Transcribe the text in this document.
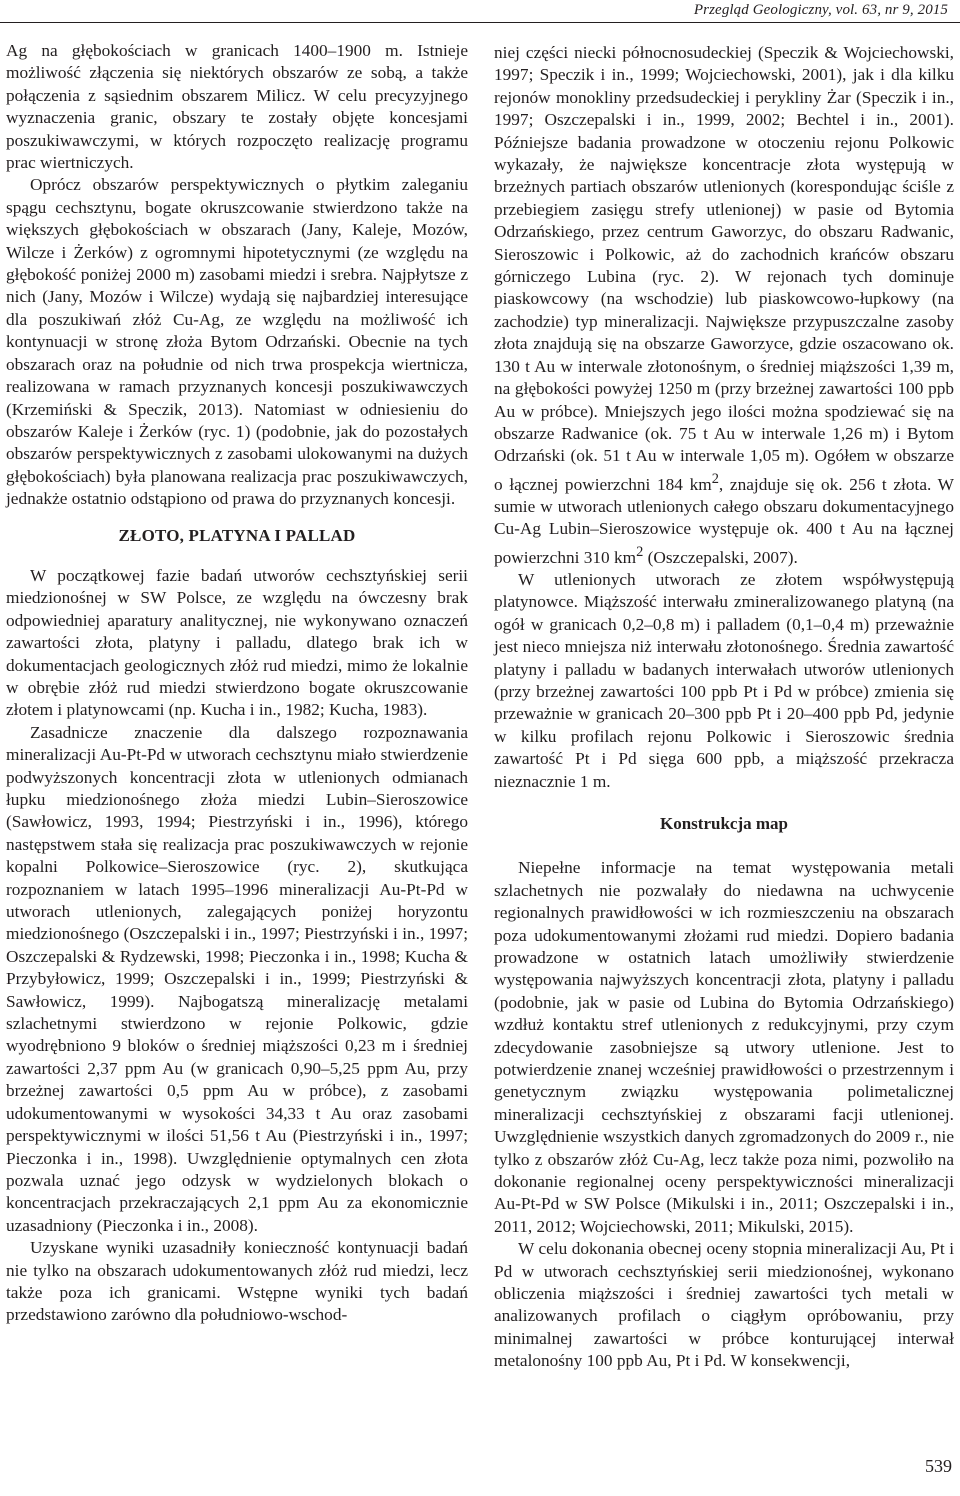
Przegląd Geologiczny, vol. 63, nr 9, 2015

Ag na głębokościach w granicach 1400–1900 m. Istnieje możliwość złączenia się niektórych obszarów ze sobą, a także połączenia z sąsiednim obszarem Milicz. W celu precyzyjnego wyznaczenia granic, obszary te zostały objęte koncesjami poszukiwawczymi, w których rozpoczęto realizację programu prac wiertniczych.

Oprócz obszarów perspektywicznych o płytkim zaleganiu spągu cechsztynu, bogate okruszcowanie stwierdzono także na większych głębokościach w obszarach (Jany, Kaleje, Mozów, Wilcze i Żerków) z ogromnymi hipotetycznymi (ze względu na głębokość poniżej 2000 m) zasobami miedzi i srebra. Najpłytsze z nich (Jany, Mozów i Wilcze) wydają się najbardziej interesujące dla poszukiwań złóż Cu-Ag, ze względu na możliwość ich kontynuacji w stronę złoża Bytom Odrzański. Obecnie na tych obszarach oraz na południe od nich trwa prospekcja wiertnicza, realizowana w ramach przyznanych koncesji poszukiwawczych (Krzemiński & Speczik, 2013). Natomiast w odniesieniu do obszarów Kaleje i Żerków (ryc. 1) (podobnie, jak do pozostałych obszarów perspektywicznych z zasobami ulokowanymi na dużych głębokościach) była planowana realizacja prac poszukiwawczych, jednakże ostatnio odstąpiono od prawa do przyznanych koncesji.

ZŁOTO, PLATYNA I PALLAD

W początkowej fazie badań utworów cechsztyńskiej serii miedzionośnej w SW Polsce, ze względu na ówczesny brak odpowiedniej aparatury analitycznej, nie wykonywano oznaczeń zawartości złota, platyny i palladu, dlatego brak ich w dokumentacjach geologicznych złóż rud miedzi, mimo że lokalnie w obrębie złóż rud miedzi stwierdzono bogate okruszcowanie złotem i platynowcami (np. Kucha i in., 1982; Kucha, 1983).

Zasadnicze znaczenie dla dalszego rozpoznawania mineralizacji Au-Pt-Pd w utworach cechsztynu miało stwierdzenie podwyższonych koncentracji złota w utlenionych odmianach łupku miedzionośnego złoża miedzi Lubin–Sieroszowice (Sawłowicz, 1993, 1994; Piestrzyński i in., 1996), którego następstwem stała się realizacja prac poszukiwawczych w rejonie kopalni Polkowice–Sieroszowice (ryc. 2), skutkująca rozpoznaniem w latach 1995–1996 mineralizacji Au-Pt-Pd w utworach utlenionych, zalegających poniżej horyzontu miedzionośnego (Oszczepalski i in., 1997; Piestrzyński i in., 1997; Oszczepalski & Rydzewski, 1998; Pieczonka i in., 1998; Kucha & Przybyłowicz, 1999; Oszczepalski i in., 1999; Piestrzyński & Sawłowicz, 1999). Najbogatszą mineralizację metalami szlachetnymi stwierdzono w rejonie Polkowic, gdzie wyodrębniono 9 bloków o średniej miąższości 0,23 m i średniej zawartości 2,37 ppm Au (w granicach 0,90–5,25 ppm Au, przy brzeżnej zawartości 0,5 ppm Au w próbce), z zasobami udokumentowanymi w wysokości 34,33 t Au oraz zasobami perspektywicznymi w ilości 51,56 t Au (Piestrzyński i in., 1997; Pieczonka i in., 1998). Uwzględnienie optymalnych cen złota pozwala uznać jego odzysk w wydzielonych blokach o koncentracjach przekraczających 2,1 ppm Au za ekonomicznie uzasadniony (Pieczonka i in., 2008).

Uzyskane wyniki uzasadniły konieczność kontynuacji badań nie tylko na obszarach udokumentowanych złóż rud miedzi, lecz także poza ich granicami. Wstępne wyniki tych badań przedstawiono zarówno dla południowo-wschod-

niej części niecki północnosudeckiej (Speczik & Wojciechowski, 1997; Speczik i in., 1999; Wojciechowski, 2001), jak i dla kilku rejonów monokliny przedsudeckiej i perykliny Żar (Speczik i in., 1997; Oszczepalski i in., 1999, 2002; Bechtel i in., 2001). Późniejsze badania prowadzone w otoczeniu rejonu Polkowic wykazały, że największe koncentracje złota występują w brzeżnych partiach obszarów utlenionych (korespondując ściśle z przebiegiem zasięgu strefy utlenionej) w pasie od Bytomia Odrzańskiego, przez centrum Gaworzyc, do obszaru Radwanic, Sieroszowic i Polkowic, aż do zachodnich krańców obszaru górniczego Lubina (ryc. 2). W rejonach tych dominuje piaskowcowy (na wschodzie) lub piaskowcowo-łupkowy (na zachodzie) typ mineralizacji. Największe przypuszczalne zasoby złota znajdują się na obszarze Gaworzyce, gdzie oszacowano ok. 130 t Au w interwale złotonośnym, o średniej miąższości 1,39 m, na głębokości powyżej 1250 m (przy brzeżnej zawartości 100 ppb Au w próbce). Mniejszych jego ilości można spodziewać się na obszarze Radwanice (ok. 75 t Au w interwale 1,26 m) i Bytom Odrzański (ok. 51 t Au w interwale 1,05 m). Ogółem w obszarze o łącznej powierzchni 184 $km^2$, znajduje się ok. 256 t złota. W sumie w utworach utlenionych całego obszaru dokumentacyjnego Cu-Ag Lubin–Sieroszowice występuje ok. 400 t Au na łącznej powierzchni 310 $km^2$ (Oszczepalski, 2007).

W utlenionych utworach ze złotem współwystępują platynowce. Miąższość interwału zmineralizowanego platyną (na ogół w granicach 0,2–0,8 m) i palladem (0,1–0,4 m) przeważnie jest nieco mniejsza niż interwału złotonośnego. Średnia zawartość platyny i palladu w badanych interwałach utworów utlenionych (przy brzeżnej zawartości 100 ppb Pt i Pd w próbce) zmienia się przeważnie w granicach 20–300 ppb Pt i 20–400 ppb Pd, jedynie w kilku profilach rejonu Polkowic i Sieroszowic średnia zawartość Pt i Pd sięga 600 ppb, a miąższość przekracza nieznacznie 1 m.

Konstrukcja map

Niepełne informacje na temat występowania metali szlachetnych nie pozwalały do niedawna na uchwycenie regionalnych prawidłowości w ich rozmieszczeniu na obszarach poza udokumentowanymi złożami rud miedzi. Dopiero badania prowadzone w ostatnich latach umożliwiły stwierdzenie występowania najwyższych koncentracji złota, platyny i palladu (podobnie, jak w pasie od Lubina do Bytomia Odrzańskiego) wzdłuż kontaktu stref utlenionych z redukcyjnymi, przy czym zdecydowanie zasobniejsze są utwory utlenione. Jest to potwierdzenie znanej wcześniej prawidłowości o przestrzennym i genetycznym związku występowania polimetalicznej mineralizacji cechsztyńskiej z obszarami facji utlenionej. Uwzględnienie wszystkich danych zgromadzonych do 2009 r., nie tylko z obszarów złóż Cu-Ag, lecz także poza nimi, pozwoliło na dokonanie regionalnej oceny perspektywiczności mineralizacji Au-Pt-Pd w SW Polsce (Mikulski i in., 2011; Oszczepalski i in., 2011, 2012; Wojciechowski, 2011; Mikulski, 2015).

W celu dokonania obecnej oceny stopnia mineralizacji Au, Pt i Pd w utworach cechsztyńskiej serii miedzionośnej, wykonano obliczenia miąższości i średniej zawartości tych metali w analizowanych profilach o ciągłym opróbowaniu, przy minimalnej zawartości w próbce konturującej interwał metalonośny 100 ppb Au, Pt i Pd. W konsekwencji,

539
